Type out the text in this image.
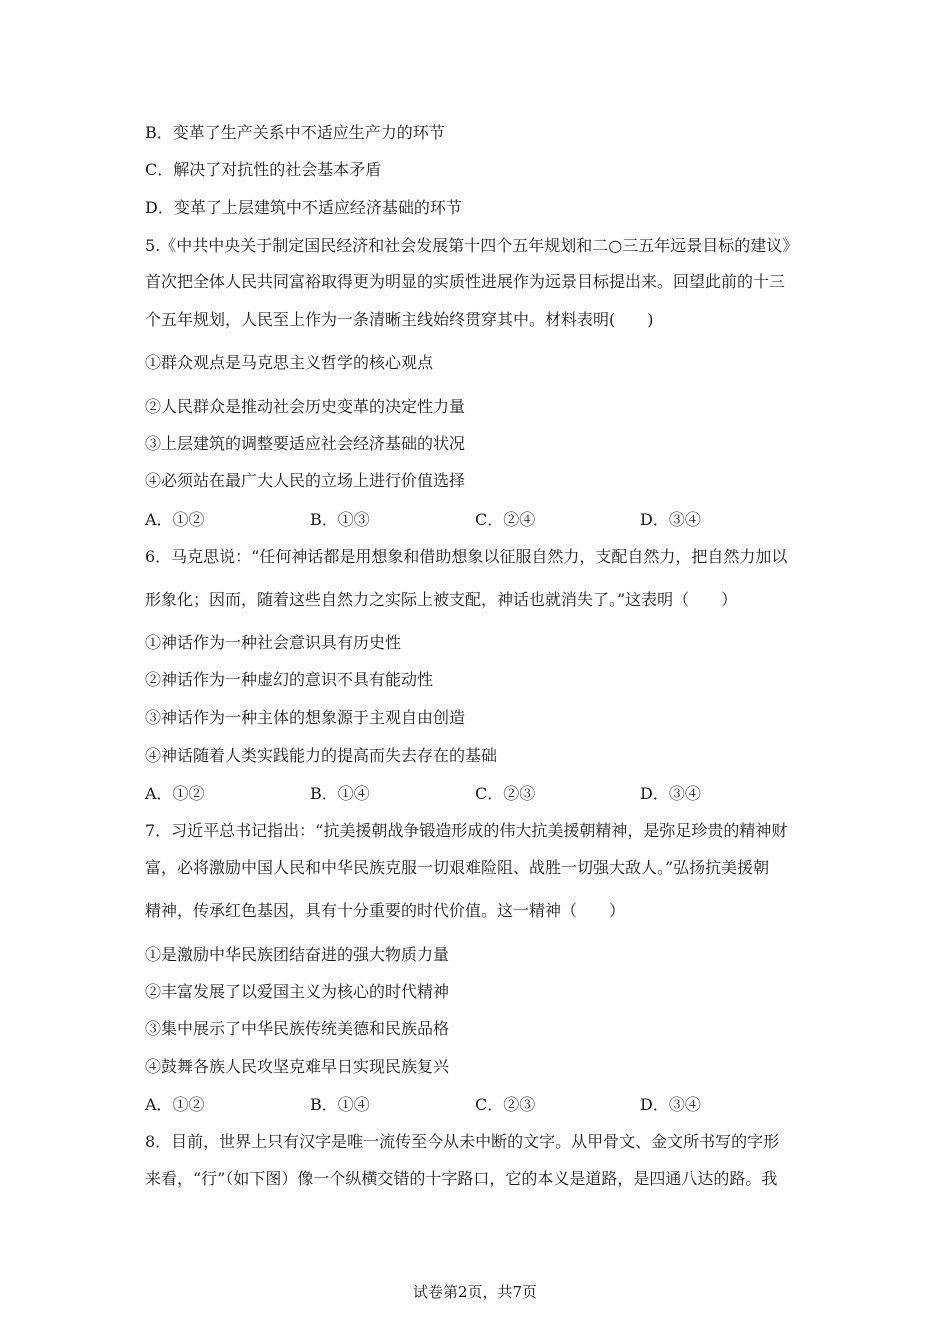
B．变革了生产关系中不适应生产力的环节
C．解决了对抗性的社会基本矛盾
D．变革了上层建筑中不适应经济基础的环节
5.《中共中央关于制定国民经济和社会发展第十四个五年规划和二○三五年远景目标的建议》
首次把全体人民共同富裕取得更为明显的实质性进展作为远景目标提出来。回望此前的十三
个五年规划，人民至上作为一条清晰主线始终贯穿其中。材料表明(　　)
①群众观点是马克思主义哲学的核心观点
②人民群众是推动社会历史变革的决定性力量
③上层建筑的调整要适应社会经济基础的状况
④必须站在最广大人民的立场上进行价值选择
A．①②	B．①③	C．②④	D．③④
6．马克思说：“任何神话都是用想象和借助想象以征服自然力，支配自然力，把自然力加以
形象化；因而，随着这些自然力之实际上被支配，神话也就消失了。”这表明（　　）
①神话作为一种社会意识具有历史性
②神话作为一种虚幻的意识不具有能动性
③神话作为一种主体的想象源于主观自由创造
④神话随着人类实践能力的提高而失去存在的基础
A．①②	B．①④	C．②③	D．③④
7．习近平总书记指出：“抗美援朝战争锻造形成的伟大抗美援朝精神，是弥足珍贵的精神财
富，必将激励中国人民和中华民族克服一切艰难险阻、战胜一切强大敌人。”弘扬抗美援朝
精神，传承红色基因，具有十分重要的时代价值。这一精神（　　）
①是激励中华民族团结奋进的强大物质力量
②丰富发展了以爱国主义为核心的时代精神
③集中展示了中华民族传统美德和民族品格
④鼓舞各族人民攻坚克难早日实现民族复兴
A．①②	B．①④	C．②③	D．③④
8．目前，世界上只有汉字是唯一流传至今从未中断的文字。从甲骨文、金文所书写的字形
来看，“行”（如下图）像一个纵横交错的十字路口，它的本义是道路，是四通八达的路。我
试卷第2页，共7页
